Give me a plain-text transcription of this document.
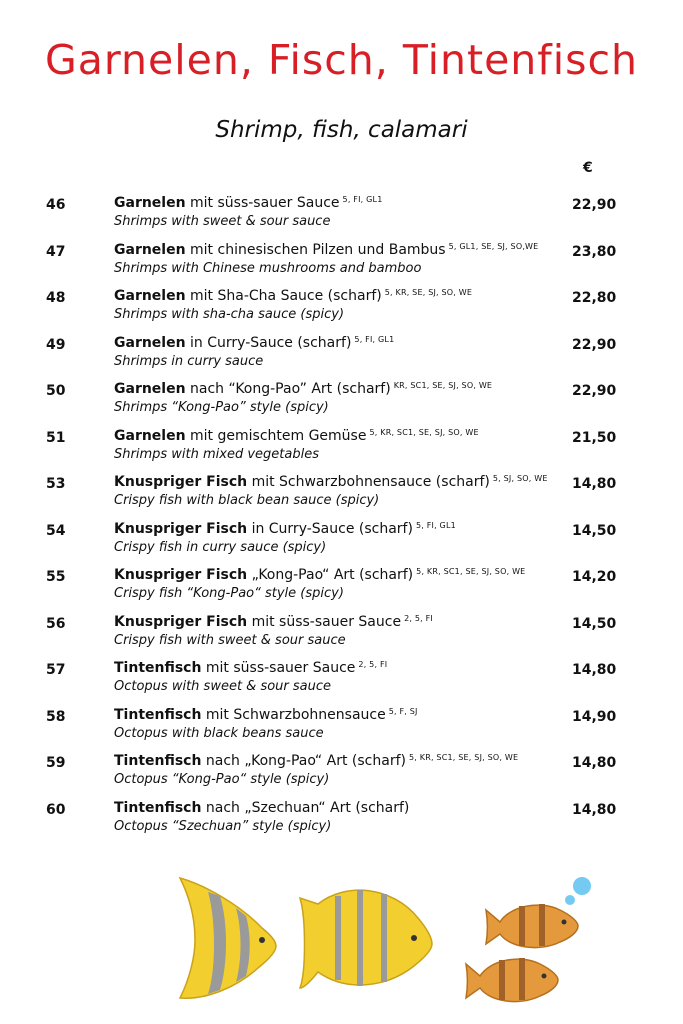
Garnelen, Fisch, Tintenfisch
Shrimp, fish, calamari
€
46	Garnelen mit süss-sauer Sauce $^{5, FI, GL1}$
Shrimps with sweet & sour sauce
22,90
47	Garnelen mit chinesischen Pilzen und Bambus $^{5, GL1, SE, SJ, SO,WE}$
Shrimps with Chinese mushrooms and bamboo
23,80
48	Garnelen mit Sha-Cha Sauce (scharf) $^{5, KR, SE, SJ, SO, WE}$
Shrimps with sha-cha sauce (spicy)
22,80
49	Garnelen in Curry-Sauce (scharf) $^{5, FI, GL1}$
Shrimps in curry sauce
22,90
50	Garnelen nach “Kong-Pao” Art (scharf) $^{KR, SC1, SE, SJ, SO, WE}$
Shrimps “Kong-Pao” style (spicy)
22,90
51	Garnelen mit gemischtem Gemüse $^{5, KR, SC1, SE, SJ, SO, WE}$
Shrimps with mixed vegetables
21,50
53	Knuspriger Fisch mit Schwarzbohnensauce (scharf) $^{5, SJ, SO, WE}$
Crispy fish with black bean sauce (spicy)
14,80
54	Knuspriger Fisch in Curry-Sauce (scharf) $^{5, FI, GL1}$
Crispy fish in curry sauce (spicy)
14,50
55	Knuspriger Fisch „Kong-Pao“ Art (scharf) $^{5, KR, SC1, SE, SJ, SO, WE}$
Crispy fish “Kong-Pao“ style (spicy)
14,20
56	Knuspriger Fisch mit süss-sauer Sauce $^{2, 5, FI}$
Crispy fish with sweet & sour sauce
14,50
57	Tintenfisch mit süss-sauer Sauce $^{2, 5, FI}$
Octopus with sweet & sour sauce
14,80
58	Tintenfisch mit Schwarzbohnensauce $^{5, F, SJ}$
Octopus with black beans sauce
14,90
59	Tintenfisch nach „Kong-Pao“ Art (scharf) $^{5, KR, SC1, SE, SJ, SO, WE}$
Octopus “Kong-Pao“ style (spicy)
14,80
60	Tintenfisch nach „Szechuan“ Art (scharf)
Octopus “Szechuan” style (spicy)
14,80
